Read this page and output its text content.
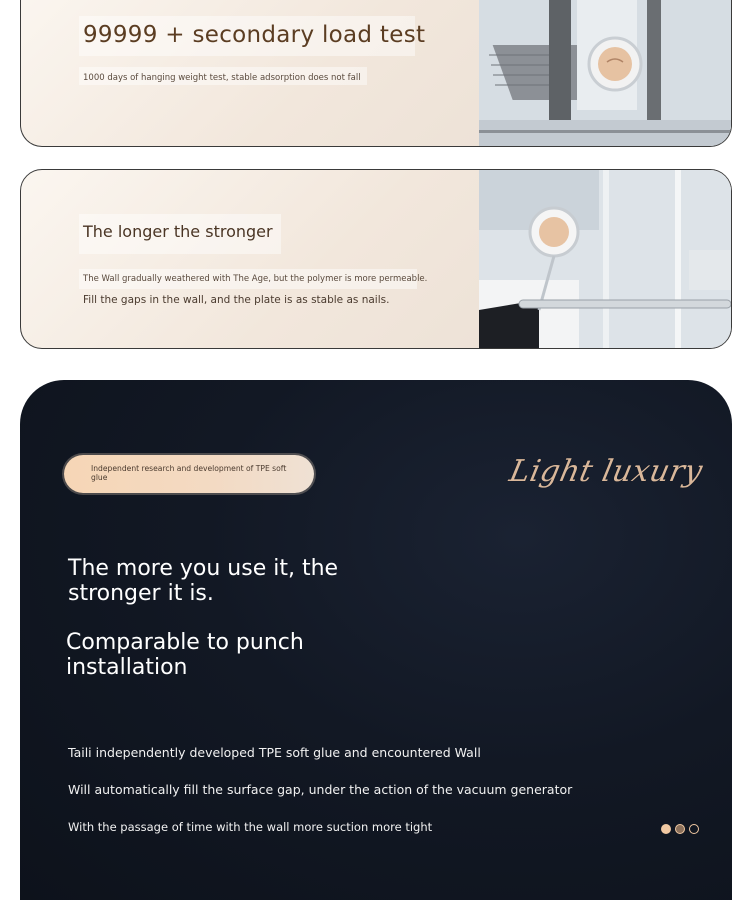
99999 + secondary load test
1000 days of hanging weight test, stable adsorption does not fall
The longer the stronger
The Wall gradually weathered with The Age, but the polymer is more permeable.
Fill the gaps in the wall, and the plate is as stable as nails.
Independent research and development of TPE soft glue	Light luxury
The more you use it, the stronger it is.
Comparable to punch installation
Taili independently developed TPE soft glue and encountered Wall
Will automatically fill the surface gap, under the action of the vacuum generator
With the passage of time with the wall more suction more tight
